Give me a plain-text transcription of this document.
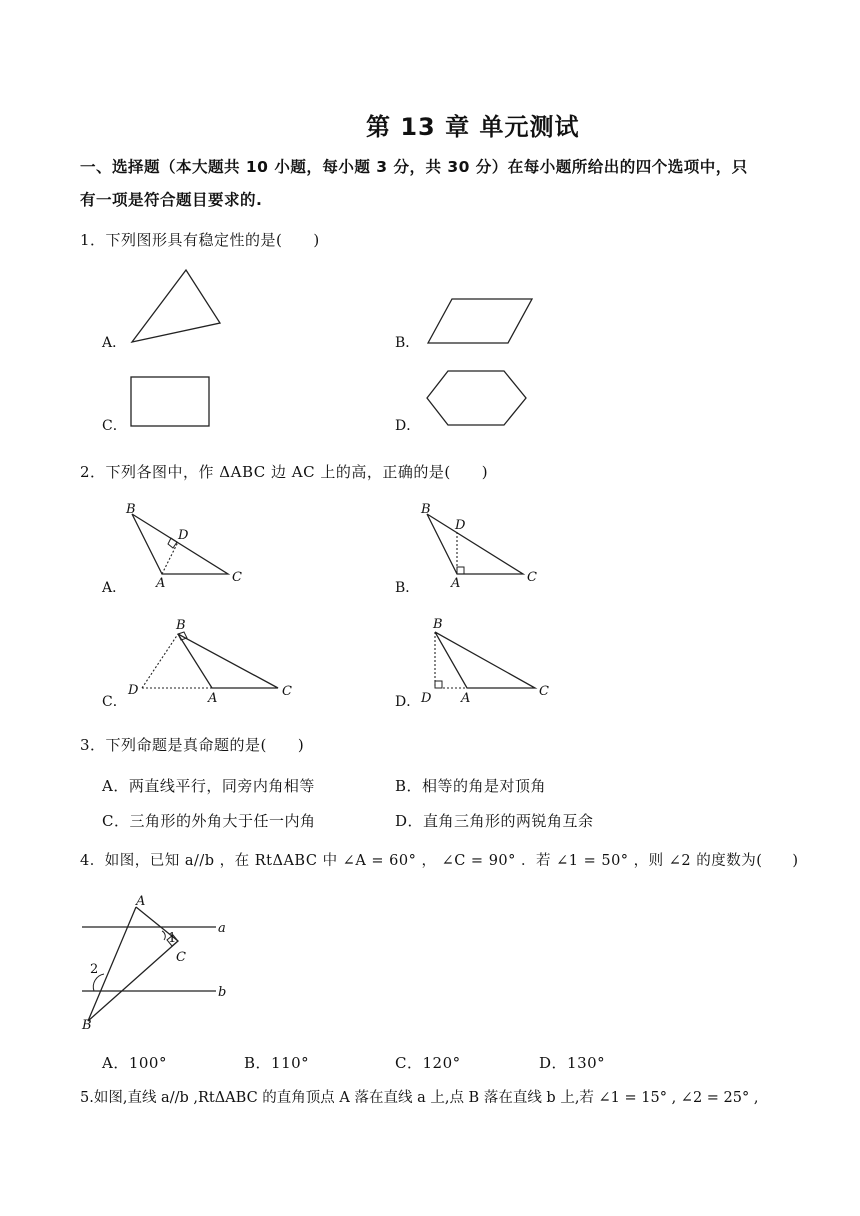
第 13 章 单元测试
一、选择题（本大题共 10 小题，每小题 3 分，共 30 分）在每小题所给出的四个选项中，只
有一项是符合题目要求的.
1．下列图形具有稳定性的是(　　)
A．	B．
C．	D．
2．下列各图中，作 ΔABC 边 AC 上的高，正确的是(　　)
A．
B
D
A	C
B．
B
D
A	C
C．
B
D
A	C
D．
B
D A	C
3．下列命题是真命题的是(　　)
A．两直线平行，同旁内角相等	B．相等的角是对顶角
C．三角形的外角大于任一内角	D．直角三角形的两锐角互余
4．如图，已知 a//b ，在 RtΔABC 中 ∠A = 60° ， ∠C = 90° ．若 ∠1 = 50° ，则 ∠2 的度数为(　　)
a
b
A
B
C
1
2
A．100°	B．110°	C．120°	D．130°
5.如图,直线 a//b ,RtΔABC 的直角顶点 A 落在直线 a 上,点 B 落在直线 b 上,若 ∠1 = 15° , ∠2 = 25° ,
